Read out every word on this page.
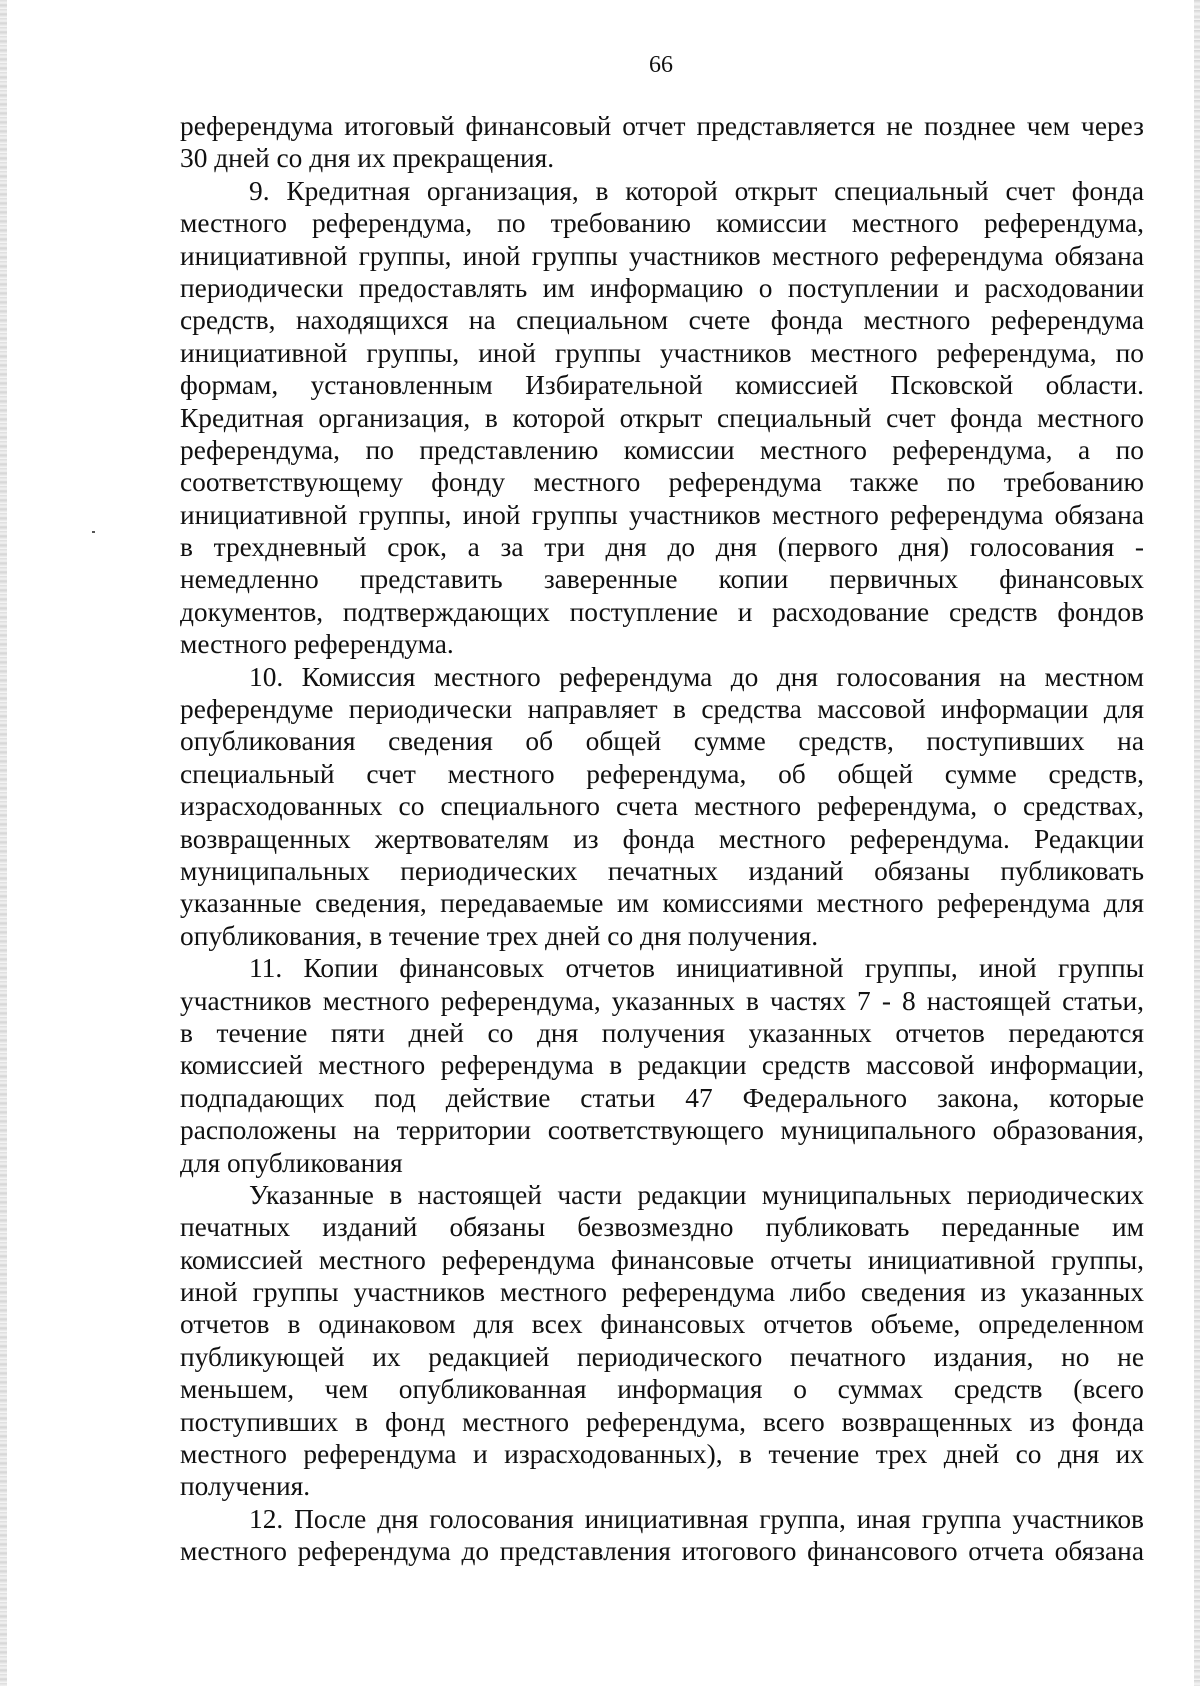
66
референдума итоговый финансовый отчет представляется не позднее чем через
30 дней со дня их прекращения.
9. Кредитная организация, в которой открыт специальный счет фонда
местного референдума, по требованию комиссии местного референдума,
инициативной группы, иной группы участников местного референдума обязана
периодически предоставлять им информацию о поступлении и расходовании
средств, находящихся на специальном счете фонда местного референдума
инициативной группы, иной группы участников местного референдума, по
формам, установленным Избирательной комиссией Псковской области.
Кредитная организация, в которой открыт специальный счет фонда местного
референдума, по представлению комиссии местного референдума, а по
соответствующему фонду местного референдума также по требованию
инициативной группы, иной группы участников местного референдума обязана
в трехдневный срок, а за три дня до дня (первого дня) голосования -
немедленно представить заверенные копии первичных финансовых
документов, подтверждающих поступление и расходование средств фондов
местного референдума.
10. Комиссия местного референдума до дня голосования на местном
референдуме периодически направляет в средства массовой информации для
опубликования сведения об общей сумме средств, поступивших на
специальный счет местного референдума, об общей сумме средств,
израсходованных со специального счета местного референдума, о средствах,
возвращенных жертвователям из фонда местного референдума. Редакции
муниципальных периодических печатных изданий обязаны публиковать
указанные сведения, передаваемые им комиссиями местного референдума для
опубликования, в течение трех дней со дня получения.
11. Копии финансовых отчетов инициативной группы, иной группы
участников местного референдума, указанных в частях 7 - 8 настоящей статьи,
в течение пяти дней со дня получения указанных отчетов передаются
комиссией местного референдума в редакции средств массовой информации,
подпадающих под действие статьи 47 Федерального закона, которые
расположены на территории соответствующего муниципального образования,
для опубликования
Указанные в настоящей части редакции муниципальных периодических
печатных изданий обязаны безвозмездно публиковать переданные им
комиссией местного референдума финансовые отчеты инициативной группы,
иной группы участников местного референдума либо сведения из указанных
отчетов в одинаковом для всех финансовых отчетов объеме, определенном
публикующей их редакцией периодического печатного издания, но не
меньшем, чем опубликованная информация о суммах средств (всего
поступивших в фонд местного референдума, всего возвращенных из фонда
местного референдума и израсходованных), в течение трех дней со дня их
получения.
12. После дня голосования инициативная группа, иная группа участников
местного референдума до представления итогового финансового отчета обязана
